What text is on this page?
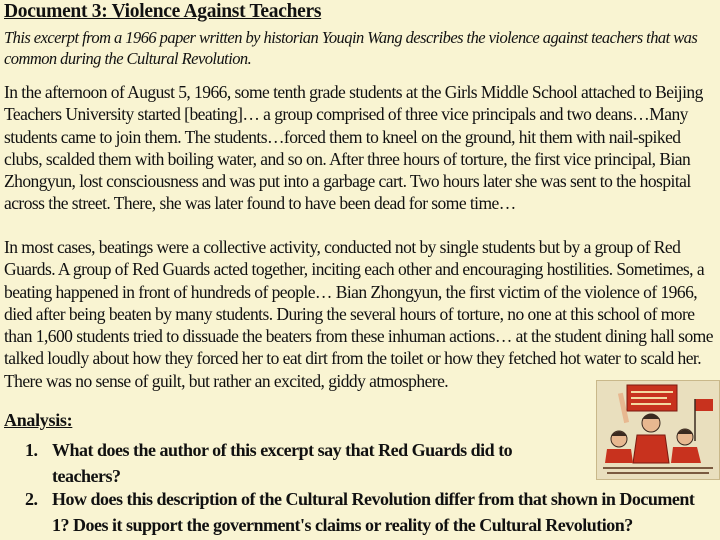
Document 3: Violence Against Teachers
This excerpt from a 1966 paper written by historian Youqin Wang describes the violence against teachers that was common during the Cultural Revolution.
In the afternoon of August 5, 1966, some tenth grade students at the Girls Middle School attached to Beijing Teachers University started [beating]… a group comprised of three vice principals and two deans…Many students came to join them. The students…forced them to kneel on the ground, hit them with nail-spiked clubs, scalded them with boiling water, and so on. After three hours of torture, the first vice principal, Bian Zhongyun, lost consciousness and was put into a garbage cart. Two hours later she was sent to the hospital across the street. There, she was later found to have been dead for some time…
In most cases, beatings were a collective activity, conducted not by single students but by a group of Red Guards. A group of Red Guards acted together, inciting each other and encouraging hostilities. Sometimes, a beating happened in front of hundreds of people… Bian Zhongyun, the first victim of the violence of 1966, died after being beaten by many students. During the several hours of torture, no one at this school of more than 1,600 students tried to dissuade the beaters from these inhuman actions… at the student dining hall some talked loudly about how they forced her to eat dirt from the toilet or how they fetched hot water to scald her. There was no sense of guilt, but rather an excited, giddy atmosphere.
Analysis:
1. What does the author of this excerpt say that Red Guards did to teachers?
2. How does this description of the Cultural Revolution differ from that shown in Document 1? Does it support the government's claims or reality of the Cultural Revolution?
